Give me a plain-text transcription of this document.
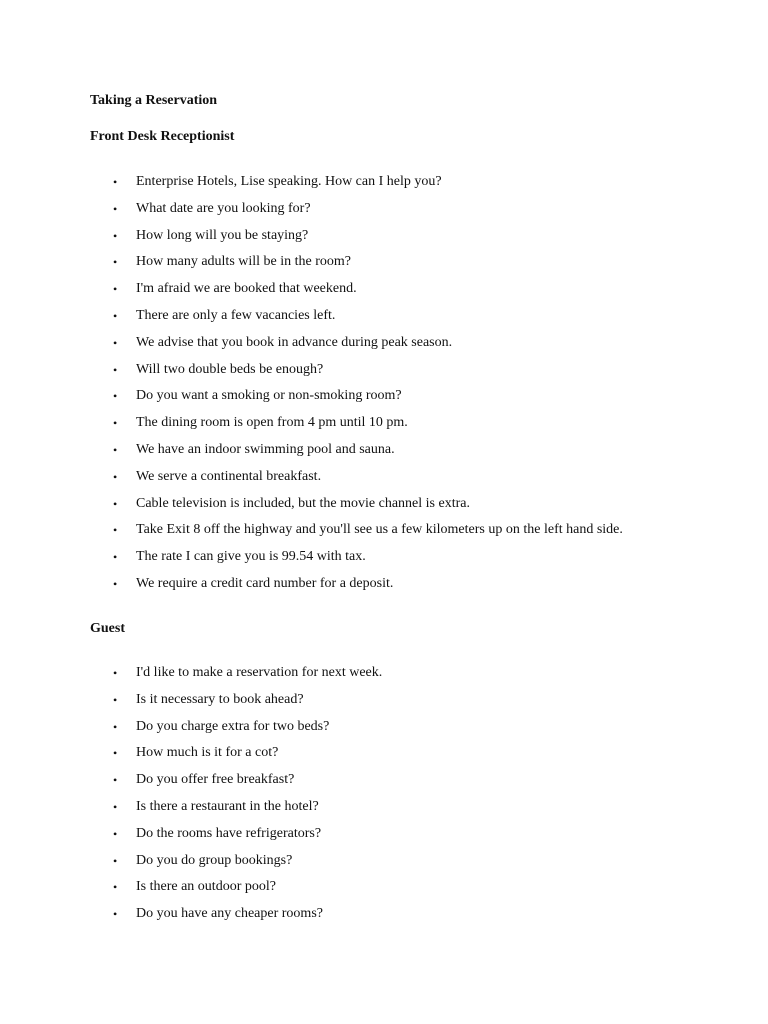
Taking a Reservation
Front Desk Receptionist
• Enterprise Hotels, Lise speaking. How can I help you?
• What date are you looking for?
• How long will you be staying?
• How many adults will be in the room?
• I'm afraid we are booked that weekend.
• There are only a few vacancies left.
• We advise that you book in advance during peak season.
• Will two double beds be enough?
• Do you want a smoking or non-smoking room?
• The dining room is open from 4 pm until 10 pm.
• We have an indoor swimming pool and sauna.
• We serve a continental breakfast.
• Cable television is included, but the movie channel is extra.
• Take Exit 8 off the highway and you'll see us a few kilometers up on the left hand side.
• The rate I can give you is 99.54 with tax.
• We require a credit card number for a deposit.
Guest
• I'd like to make a reservation for next week.
• Is it necessary to book ahead?
• Do you charge extra for two beds?
• How much is it for a cot?
• Do you offer free breakfast?
• Is there a restaurant in the hotel?
• Do the rooms have refrigerators?
• Do you do group bookings?
• Is there an outdoor pool?
• Do you have any cheaper rooms?
